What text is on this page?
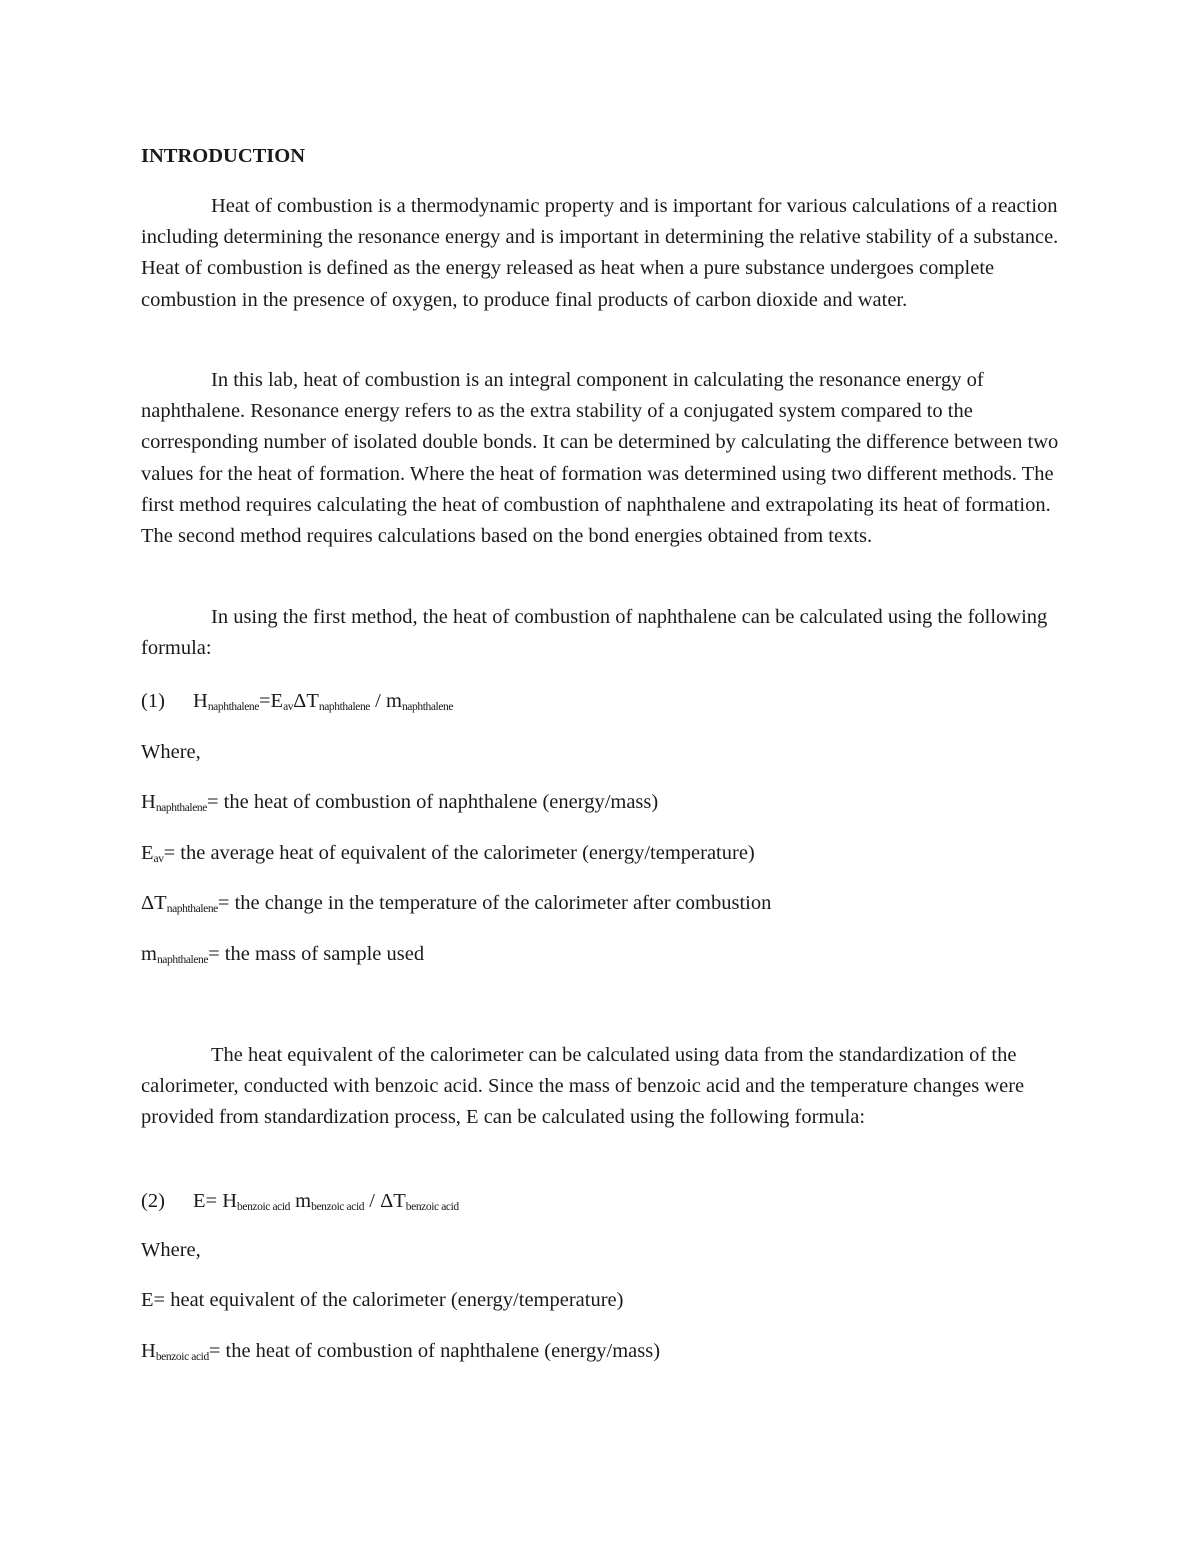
INTRODUCTION

Heat of combustion is a thermodynamic property and is important for various calculations of a reaction including determining the resonance energy and is important in determining the relative stability of a substance. Heat of combustion is defined as the energy released as heat when a pure substance undergoes complete combustion in the presence of oxygen, to produce final products of carbon dioxide and water.

In this lab, heat of combustion is an integral component in calculating the resonance energy of naphthalene. Resonance energy refers to as the extra stability of a conjugated system compared to the corresponding number of isolated double bonds. It can be determined by calculating the difference between two values for the heat of formation. Where the heat of formation was determined using two different methods. The first method requires calculating the heat of combustion of naphthalene and extrapolating its heat of formation. The second method requires calculations based on the bond energies obtained from texts.

In using the first method, the heat of combustion of naphthalene can be calculated using the following formula:

(1) $H_{naphthalene}=E_{av}\Delta T_{naphthalene} / m_{naphthalene}$

Where,

$H_{naphthalene}=$ the heat of combustion of naphthalene (energy/mass)

$E_{av}=$ the average heat of equivalent of the calorimeter (energy/temperature)

$\Delta T_{naphthalene}=$ the change in the temperature of the calorimeter after combustion

$m_{naphthalene}=$ the mass of sample used

The heat equivalent of the calorimeter can be calculated using data from the standardization of the calorimeter, conducted with benzoic acid. Since the mass of benzoic acid and the temperature changes were provided from standardization process, E can be calculated using the following formula:

(2) $E= H_{benzoic acid}$ $m_{benzoic acid} / \Delta T_{benzoic acid}$

Where,

E= heat equivalent of the calorimeter (energy/temperature)

$H_{benzoic acid}=$ the heat of combustion of naphthalene (energy/mass)
